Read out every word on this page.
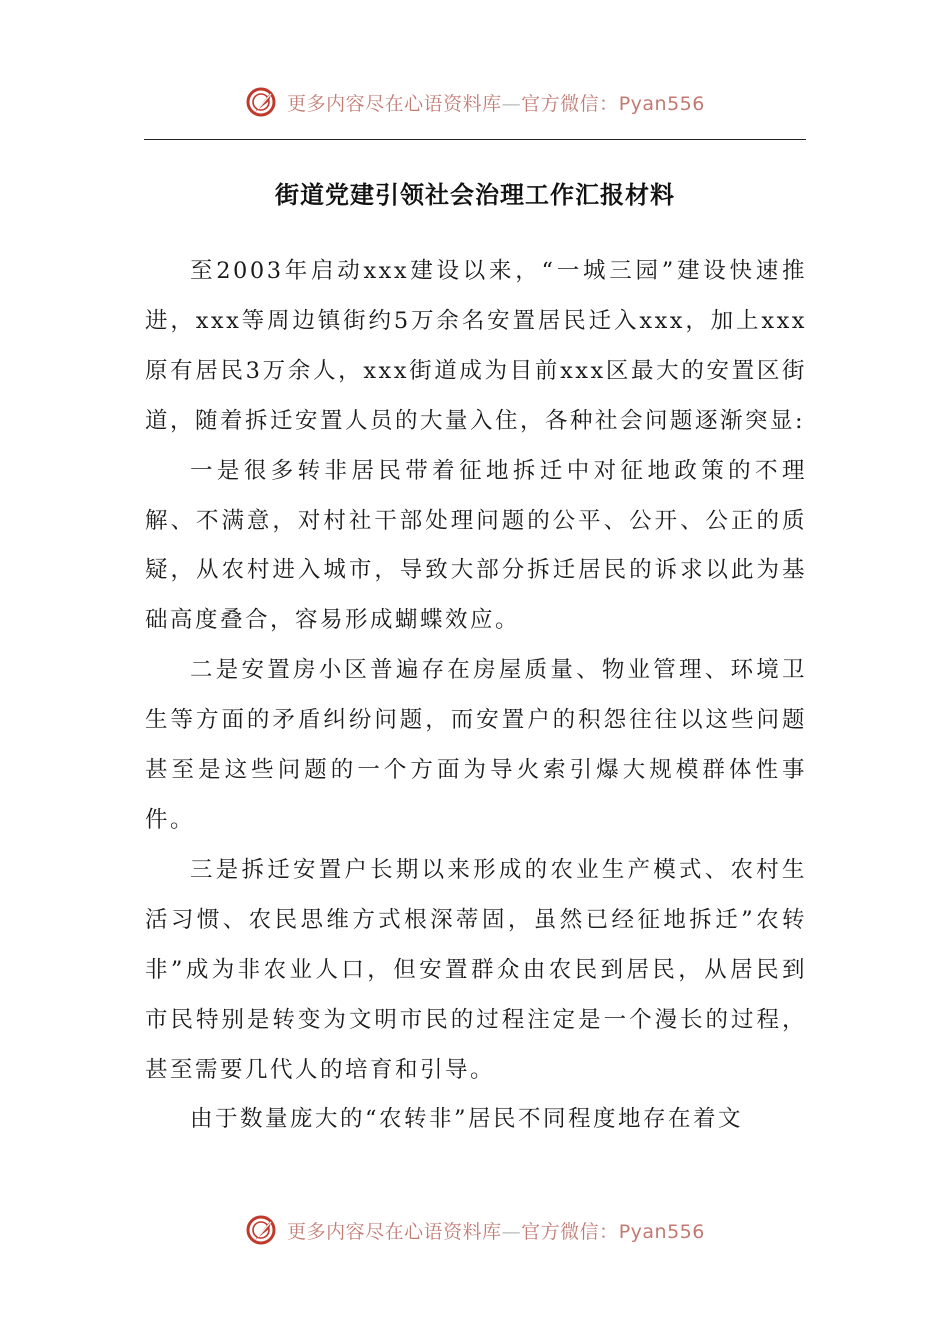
更多内容尽在心语资料库—官方微信：Pyan556
街道党建引领社会治理工作汇报材料

至2003年启动xxx建设以来，“一城三园”建设快速推进，xxx等周边镇街约5万余名安置居民迁入xxx，加上xxx原有居民3万余人，xxx街道成为目前xxx区最大的安置区街道，随着拆迁安置人员的大量入住，各种社会问题逐渐突显:

一是很多转非居民带着征地拆迁中对征地政策的不理解、不满意，对村社干部处理问题的公平、公开、公正的质疑，从农村进入城市，导致大部分拆迁居民的诉求以此为基础高度叠合，容易形成蝴蝶效应。

二是安置房小区普遍存在房屋质量、物业管理、环境卫生等方面的矛盾纠纷问题，而安置户的积怨往往以这些问题甚至是这些问题的一个方面为导火索引爆大规模群体性事件。

三是拆迁安置户长期以来形成的农业生产模式、农村生活习惯、农民思维方式根深蒂固，虽然已经征地拆迁”农转非”成为非农业人口，但安置群众由农民到居民，从居民到市民特别是转变为文明市民的过程注定是一个漫长的过程，甚至需要几代人的培育和引导。

由于数量庞大的“农转非”居民不同程度地存在着文

更多内容尽在心语资料库—官方微信：Pyan556
